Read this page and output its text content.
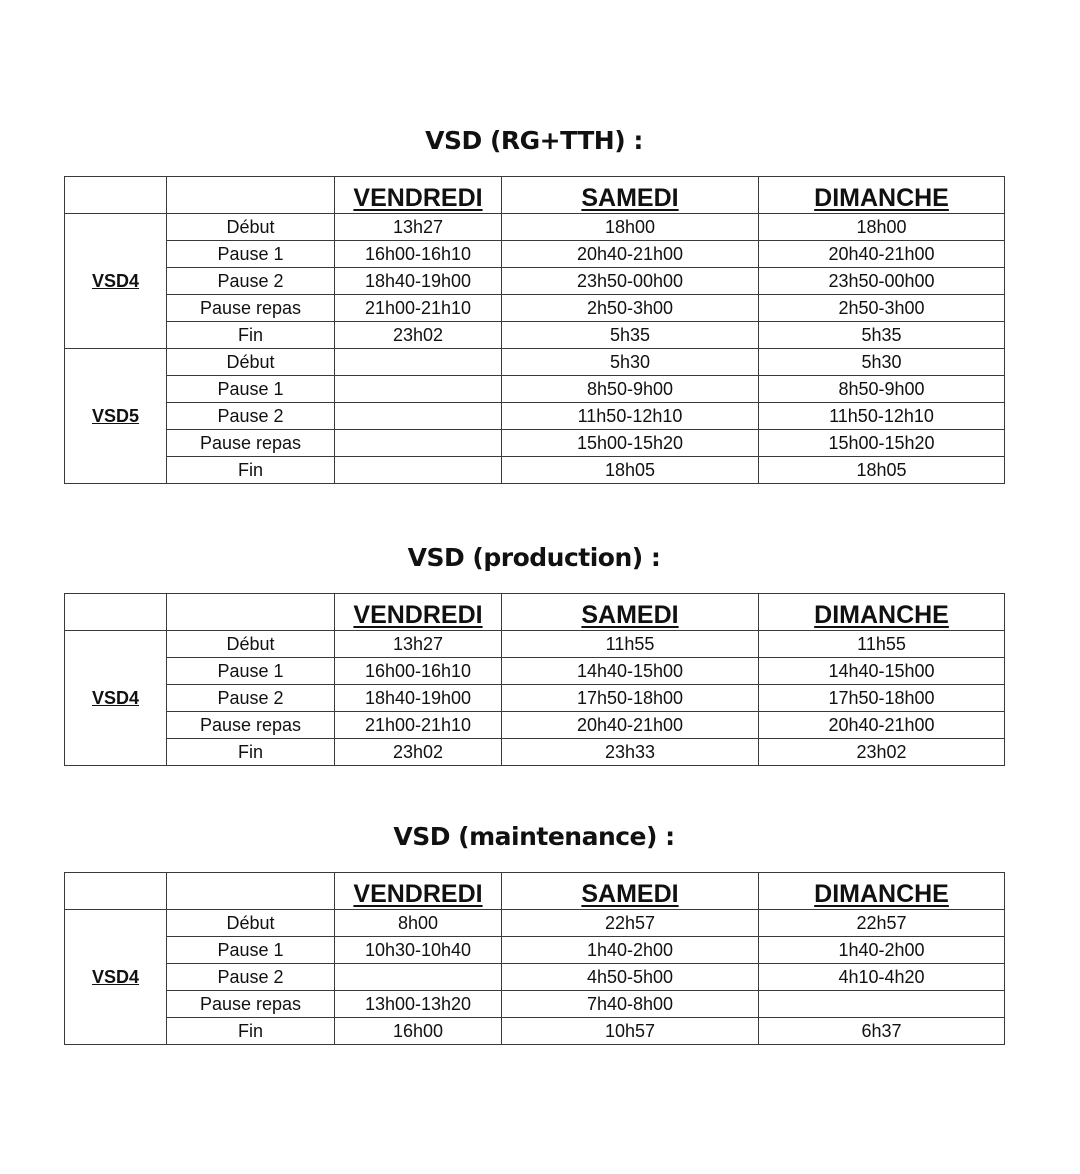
VSD (RG+TTH) :
		VENDREDI	SAMEDI	DIMANCHE
VSD4	Début	13h27	18h00	18h00
	Pause 1	16h00-16h10	20h40-21h00	20h40-21h00
	Pause 2	18h40-19h00	23h50-00h00	23h50-00h00
	Pause repas	21h00-21h10	2h50-3h00	2h50-3h00
	Fin	23h02	5h35	5h35
VSD5	Début		5h30	5h30
	Pause 1		8h50-9h00	8h50-9h00
	Pause 2		11h50-12h10	11h50-12h10
	Pause repas		15h00-15h20	15h00-15h20
	Fin		18h05	18h05
VSD (production) :
		VENDREDI	SAMEDI	DIMANCHE
VSD4	Début	13h27	11h55	11h55
	Pause 1	16h00-16h10	14h40-15h00	14h40-15h00
	Pause 2	18h40-19h00	17h50-18h00	17h50-18h00
	Pause repas	21h00-21h10	20h40-21h00	20h40-21h00
	Fin	23h02	23h33	23h02
VSD (maintenance) :
		VENDREDI	SAMEDI	DIMANCHE
VSD4	Début	8h00	22h57	22h57
	Pause 1	10h30-10h40	1h40-2h00	1h40-2h00
	Pause 2		4h50-5h00	4h10-4h20
	Pause repas	13h00-13h20	7h40-8h00	
	Fin	16h00	10h57	6h37
